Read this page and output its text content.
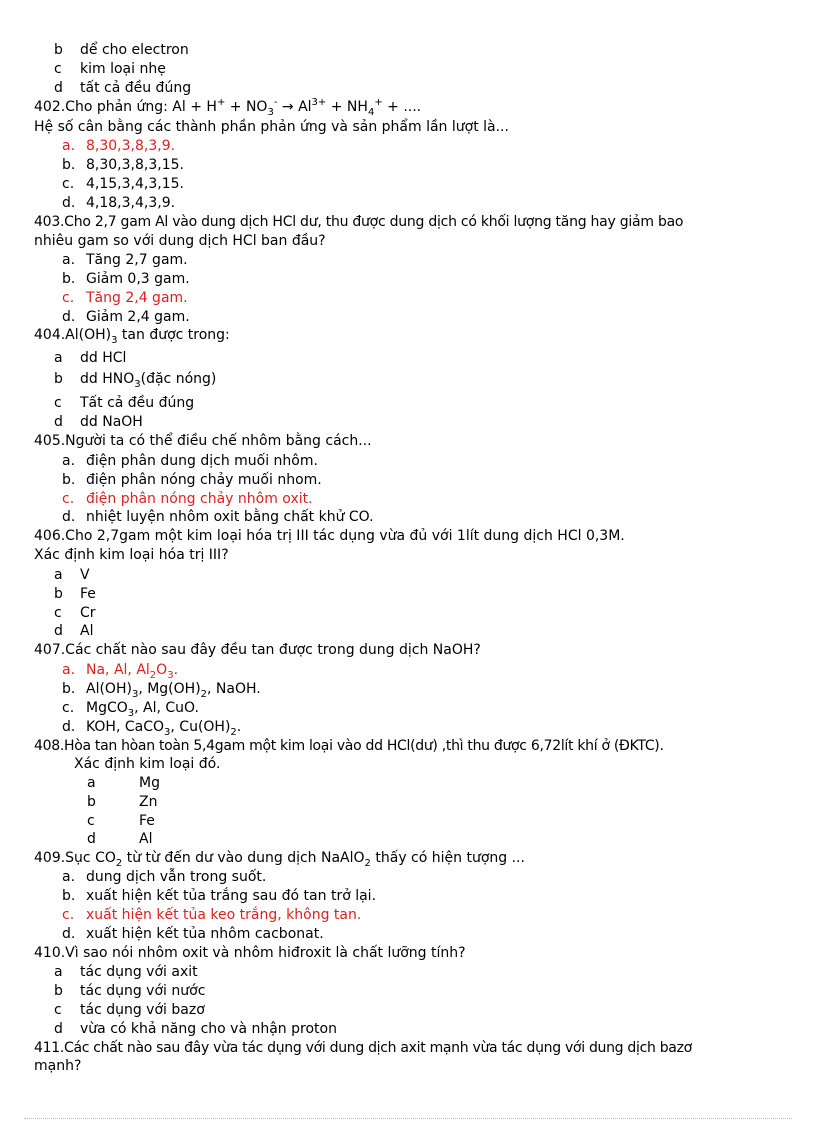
b dể cho electron
c kim loại nhẹ
d tất cả đều đúng
402.Cho phản ứng: $Al + H^+ + NO_3^- \to Al^{3+} + NH_4^+$ + ....
Hệ số cân bằng các thành phần phản ứng và sản phẩm lần lượt là...
a. 8,30,3,8,3,9.
b. 8,30,3,8,3,15.
c. 4,15,3,4,3,15.
d. 4,18,3,4,3,9.
403.Cho 2,7 gam Al vào dung dịch HCl dư, thu được dung dịch có khối lượng tăng hay giảm bao
nhiêu gam so với dung dịch HCl ban đầu?
a. Tăng 2,7 gam.
b. Giảm 0,3 gam.
c. Tăng 2,4 gam.
d. Giảm 2,4 gam.
$404.Al(OH)_3$ tan được trong:
a dd HCl
b dd $HNO_3(đặc$ nóng)
c Tất cả đều đúng
d dd NaOH
405.Người ta có thể điều chế nhôm bằng cách...
a. điện phân dung dịch muối nhôm.
b. điện phân nóng chảy muối nhom.
c. điện phân nóng chảy nhôm oxit.
d. nhiệt luyện nhôm oxit bằng chất khử CO.
406.Cho 2,7gam một kim loại hóa trị III tác dụng vừa đủ với 1lít dung dịch HCl 0,3M.
Xác định kim loại hóa trị III?
a V
b Fe
c Cr
d Al
407.Các chất nào sau đây đều tan được trong dung dịch NaOH?
a. Na, Al, $Al_2O_3$.
b. $Al(OH)_3$, $Mg(OH)_2$, NaOH.
c. MgCO$_3$, Al, CuO.
d. KOH, CaCO$_3$, $Cu(OH)_2$.
408.Hòa tan hòan toàn 5,4gam một kim loại vào dd HCl(dư) ,thì thu được 6,72lít khí ở (ĐKTC).
Xác định kim loại đó.
a	Mg
b	Zn
c	Fe
d	Al
409.Sục $CO_2$ từ từ đến dư vào dung dịch NaAlO$_2$ thấy có hiện tượng ...
a. dung dịch vẫn trong suốt.
b. xuất hiện kết tủa trắng sau đó tan trở lại.
c. xuất hiện kết tủa keo trắng, không tan.
d. xuất hiện kết tủa nhôm cacbonat.
410.Vì sao nói nhôm oxit và nhôm hiđroxit là chất lưỡng tính?
a tác dụng với axit
b tác dụng với nước
c tác dụng với bazơ
d vừa có khả năng cho và nhận proton
411.Các chất nào sau đây vừa tác dụng với dung dịch axit mạnh vừa tác dụng với dung dịch bazơ
mạnh?
